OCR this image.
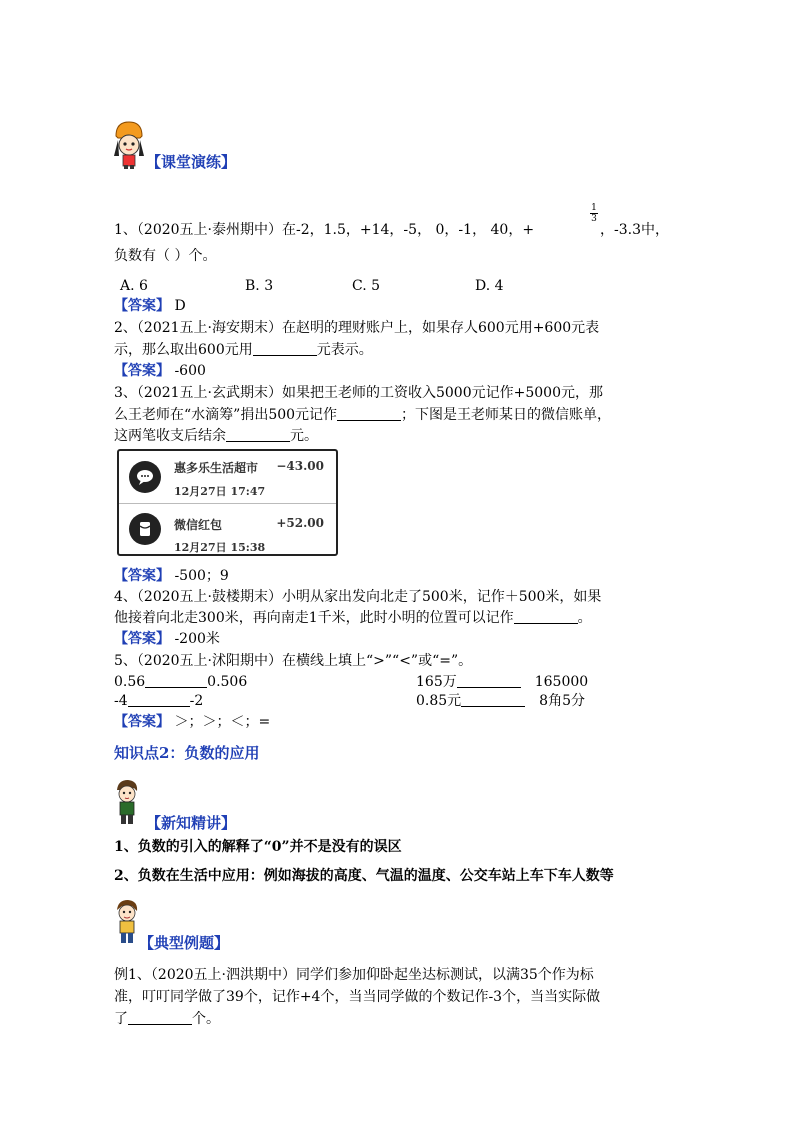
【课堂演练】
1、（2020五上·泰州期中）在-2，1.5，+14，-5， 0，-1， 40，+
1
3
，-3.3中，
负数有（ ）个。
A. 6	B. 3	C. 5	D. 4
【答案】 D
2、（2021五上·海安期末）在赵明的理财账户上，如果存人600元用+600元表
示，那么取出600元用	元表示。
【答案】 -600
3、（2021五上·玄武期末）如果把王老师的工资收入5000元记作+5000元，那
么王老师在“水滴筹”捐出500元记作	；下图是王老师某日的微信账单，
这两笔收支后结余	元。
惠多乐生活超市
12月27日 17:47
−43.00
微信红包
12月27日 15:38
+52.00
【答案】 -500；9
4、（2020五上·鼓楼期末）小明从家出发向北走了500米，记作＋500米，如果
他接着向北走300米，再向南走1千米，此时小明的位置可以记作	。
【答案】 -200米
5、（2020五上·沭阳期中）在横线上填上“>”“<”或“=”。
0.56	0.506	165万	165000
-4	-2	0.85元	8角5分
【答案】 ＞；＞；＜；=
知识点2：负数的应用
【新知精讲】
1、负数的引入的解释了“0”并不是没有的误区
2、负数在生活中应用：例如海拔的高度、气温的温度、公交车站上车下车人数等
【典型例题】
例1、（2020五上·泗洪期中）同学们参加仰卧起坐达标测试，以满35个作为标
准，叮叮同学做了39个，记作+4个，当当同学做的个数记作-3个，当当实际做
了	个。
